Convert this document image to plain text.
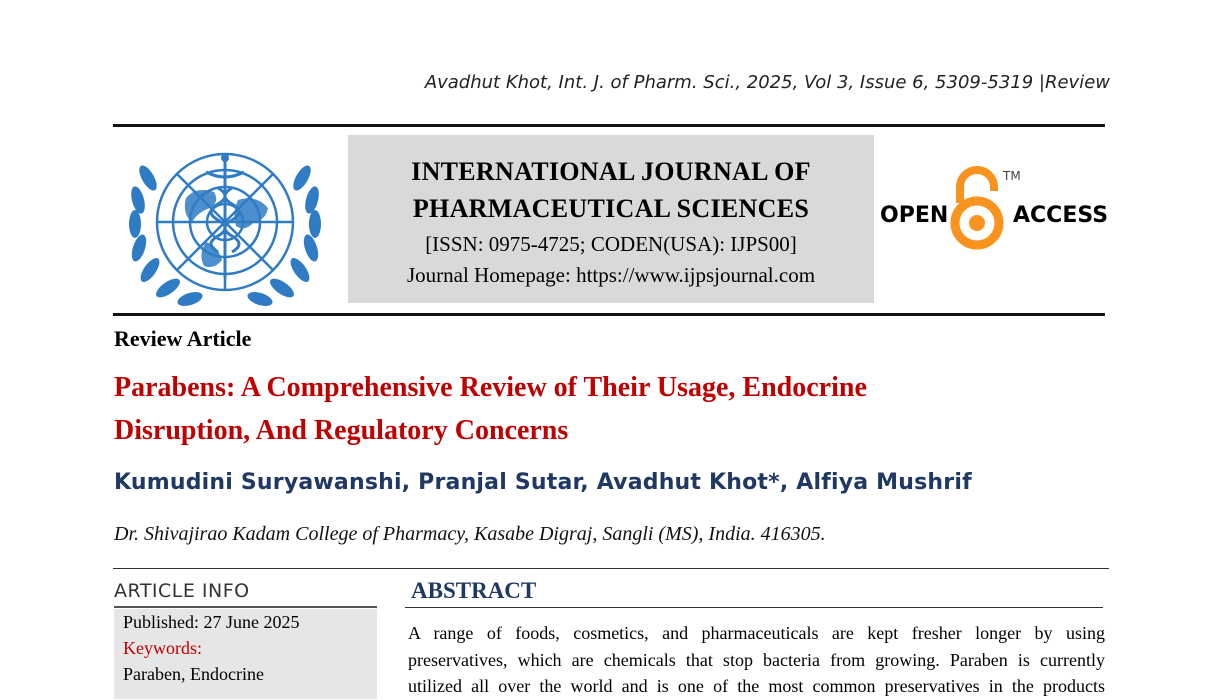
Avadhut Khot, Int. J. of Pharm. Sci., 2025, Vol 3, Issue 6, 5309-5319 |Review
INTERNATIONAL JOURNAL OF
PHARMACEUTICAL SCIENCES
[ISSN: 0975-4725; CODEN(USA): IJPS00]
Journal Homepage: https://www.ijpsjournal.com
OPEN
TM
ACCESS
Review Article
Parabens: A Comprehensive Review of Their Usage, Endocrine
Disruption, And Regulatory Concerns
Kumudini Suryawanshi, Pranjal Sutar, Avadhut Khot*, Alfiya Mushrif
Dr. Shivajirao Kadam College of Pharmacy, Kasabe Digraj, Sangli (MS), India. 416305.
ARTICLE INFO
Published: 27 June 2025
Keywords:
Paraben, Endocrine
ABSTRACT
A range of foods, cosmetics, and pharmaceuticals are kept fresher longer by using
preservatives, which are chemicals that stop bacteria from growing. Paraben is currently
utilized all over the world and is one of the most common preservatives in the products
